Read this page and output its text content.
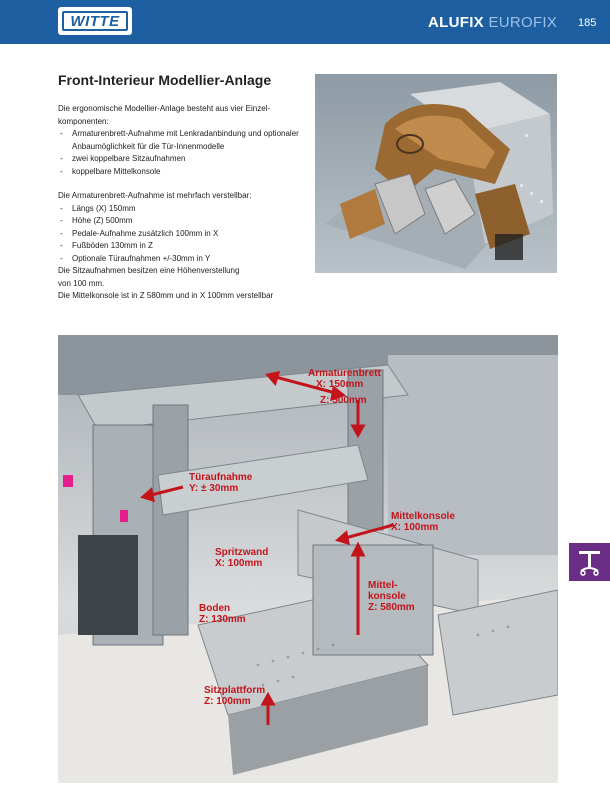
WITTE	ALUFIX EUROFIX 185
Front-Interieur Modellier-Anlage

Die ergonomische Modellier-Anlage besteht aus vier Einzel-

komponenten:

- Armaturenbrett-Aufnahme mit Lenkradanbindung und optionaler Anbaumöglichkeit für die Tür-Innenmodelle
- zwei koppelbare Sitzaufnahmen
- koppelbare Mittelkonsole

Die Armaturenbrett-Aufnahme ist mehrfach verstellbar:

- Längs (X) 150mm
- Höhe (Z) 500mm
- Pedale-Aufnahme zusätzlich 100mm in X
- Fußböden 130mm in Z
- Optionale Türaufnahmen +/-30mm in Y

Die Sitzaufnahmen besitzen eine Höhenverstellung

von 100 mm.

Die Mittelkonsole ist in Z 580mm und in X 100mm verstellbar

Armaturenbrett
X: 150mm
Z: 500mm
Türaufnahme
Y: ± 30mm
Mittelkonsole
X: 100mm
Spritzwand
X: 100mm
Mittel-
konsole
Z: 580mm
Boden
Z: 130mm
Sitzplattform
Z: 100mm
